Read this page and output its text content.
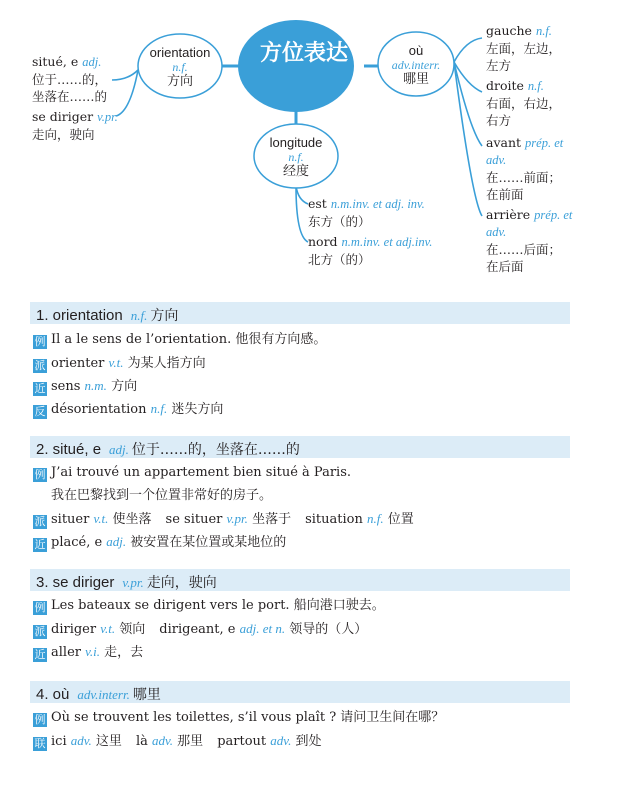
方位表达
orientation
n.f.
方向
où
adv.interr.
哪里
longitude
n.f.
经度
situé, e adj.
位于……的，
坐落在……的
se diriger v.pr.
走向，驶向
est n.m.inv. et adj. inv.
东方（的）
nord n.m.inv. et adj.inv.
北方（的）
gauche n.f.
左面，左边，
左方
droite n.f.
右面，右边，
右方
avant prép. et
adv.
在……前面；
在前面
arrière prép. et
adv.
在……后面；
在后面
1. orientation n.f. 方向
例 Il a le sens de l’orientation. 他很有方向感。
派 orienter v.t. 为某人指方向
近 sens n.m. 方向
反 désorientation n.f. 迷失方向
2. situé, e adj. 位于……的，坐落在……的
例 J’ai trouvé un appartement bien situé à Paris.
我在巴黎找到一个位置非常好的房子。
派 situer v.t. 使坐落 se situer v.pr. 坐落于 situation n.f. 位置
近 placé, e adj. 被安置在某位置或某地位的
3. se diriger v.pr. 走向，驶向
例 Les bateaux se dirigent vers le port. 船向港口驶去。
派 diriger v.t. 领向 dirigeant, e adj. et n. 领导的（人）
近 aller v.i. 走，去
4. où adv.interr. 哪里
例 Où se trouvent les toilettes, s’il vous plaît ? 请问卫生间在哪？
联 ici adv. 这里 là adv. 那里 partout adv. 到处
